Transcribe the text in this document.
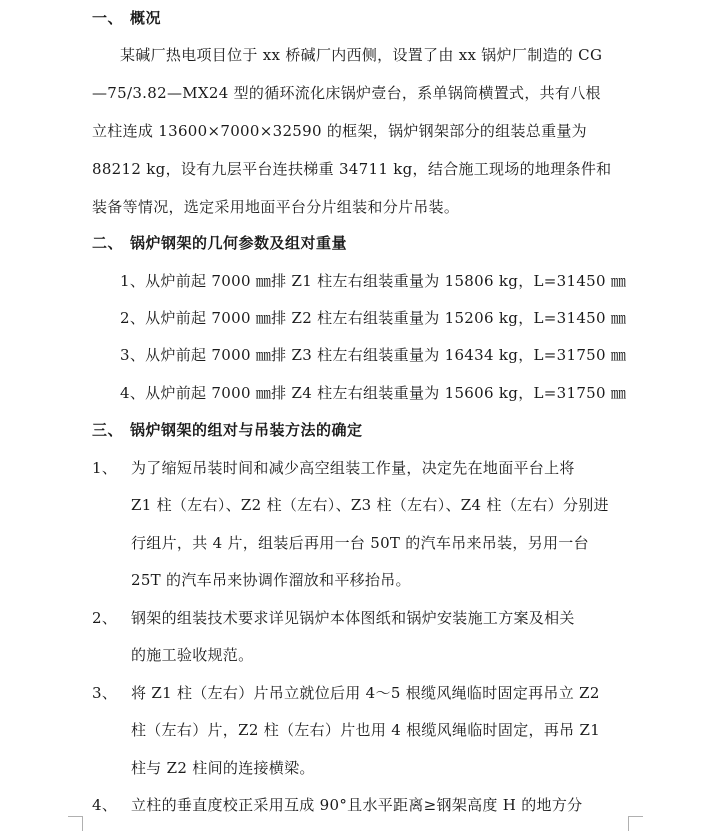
一、 概况
某碱厂热电项目位于 xx 桥碱厂内西侧，设置了由 xx 锅炉厂制造的 CG
—75/3.82—MX24 型的循环流化床锅炉壹台，系单锅筒横置式，共有八根
立柱连成 13600×7000×32590 的框架，锅炉钢架部分的组装总重量为
88212 kg，设有九层平台连扶梯重 34711 kg，结合施工现场的地理条件和
装备等情况，选定采用地面平台分片组装和分片吊装。
二、 锅炉钢架的几何参数及组对重量
1、从炉前起 7000 ㎜排 Z1 柱左右组装重量为 15806 kg，L=31450 ㎜
2、从炉前起 7000 ㎜排 Z2 柱左右组装重量为 15206 kg，L=31450 ㎜
3、从炉前起 7000 ㎜排 Z3 柱左右组装重量为 16434 kg，L=31750 ㎜
4、从炉前起 7000 ㎜排 Z4 柱左右组装重量为 15606 kg，L=31750 ㎜
三、 锅炉钢架的组对与吊装方法的确定
1、 为了缩短吊装时间和减少高空组装工作量，决定先在地面平台上将
Z1 柱（左右）、Z2 柱（左右）、Z3 柱（左右）、Z4 柱（左右）分别进
行组片，共 4 片，组装后再用一台 50T 的汽车吊来吊装，另用一台
25T 的汽车吊来协调作溜放和平移抬吊。
2、 钢架的组装技术要求详见锅炉本体图纸和锅炉安装施工方案及相关
的施工验收规范。
3、 将 Z1 柱（左右）片吊立就位后用 4～5 根缆风绳临时固定再吊立 Z2
柱（左右）片，Z2 柱（左右）片也用 4 根缆风绳临时固定，再吊 Z1
柱与 Z2 柱间的连接横梁。
4、 立柱的垂直度校正采用互成 90°且水平距离≥钢架高度 H 的地方分
